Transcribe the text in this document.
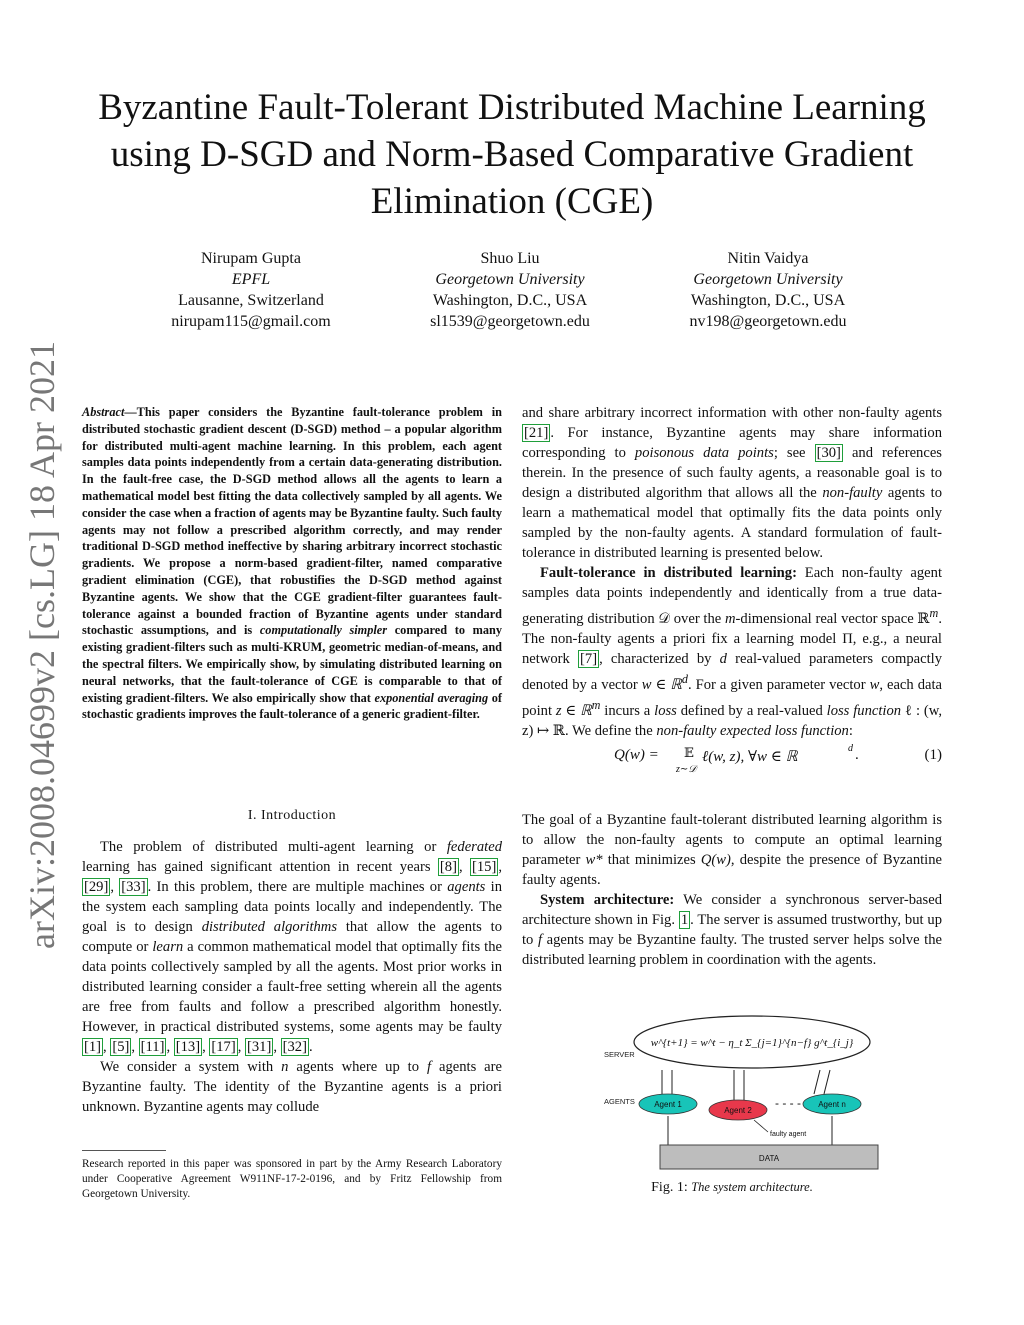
Byzantine Fault-Tolerant Distributed Machine Learning using D-SGD and Norm-Based Comparative Gradient Elimination (CGE)
arXiv:2008.04699v2 [cs.LG] 18 Apr 2021
Nirupam Gupta
EPFL
Lausanne, Switzerland
nirupam115@gmail.com
Shuo Liu
Georgetown University
Washington, D.C., USA
sl1539@georgetown.edu
Nitin Vaidya
Georgetown University
Washington, D.C., USA
nv198@georgetown.edu
Abstract—This paper considers the Byzantine fault-tolerance problem in distributed stochastic gradient descent (D-SGD) method – a popular algorithm for distributed multi-agent machine learning. In this problem, each agent samples data points independently from a certain data-generating distribution. In the fault-free case, the D-SGD method allows all the agents to learn a mathematical model best fitting the data collectively sampled by all agents. We consider the case when a fraction of agents may be Byzantine faulty. Such faulty agents may not follow a prescribed algorithm correctly, and may render traditional D-SGD method ineffective by sharing arbitrary incorrect stochastic gradients. We propose a norm-based gradient-filter, named comparative gradient elimination (CGE), that robustifies the D-SGD method against Byzantine agents. We show that the CGE gradient-filter guarantees fault-tolerance against a bounded fraction of Byzantine agents under standard stochastic assumptions, and is computationally simpler compared to many existing gradient-filters such as multi-KRUM, geometric median-of-means, and the spectral filters. We empirically show, by simulating distributed learning on neural networks, that the fault-tolerance of CGE is comparable to that of existing gradient-filters. We also empirically show that exponential averaging of stochastic gradients improves the fault-tolerance of a generic gradient-filter.
I. Introduction

The problem of distributed multi-agent learning or federated learning has gained significant attention in recent years [8] , [15] , [29] , [33] . In this problem, there are multiple machines or agents in the system each sampling data points locally and independently. The goal is to design distributed algorithms that allow the agents to compute or learn a common mathematical model that optimally fits the data points collectively sampled by all the agents. Most prior works in distributed learning consider a fault-free setting wherein all the agents are free from faults and follow a prescribed algorithm honestly. However, in practical distributed systems, some agents may be faulty [1] , [5] , [11] , [13] , [17] , [31] , [32] .

We consider a system with n agents where up to f agents are Byzantine faulty. The identity of the Byzantine agents is a priori unknown. Byzantine agents may collude

Research reported in this paper was sponsored in part by the Army Research Laboratory under Cooperative Agreement W911NF-17-2-0196, and by Fritz Fellowship from Georgetown University.

and share arbitrary incorrect information with other non-faulty agents [21] . For instance, Byzantine agents may share information corresponding to poisonous data points; see [30] and references therein. In the presence of such faulty agents, a reasonable goal is to design a distributed algorithm that allows all the non-faulty agents to learn a mathematical model that optimally fits the data points only sampled by the non-faulty agents. A standard formulation of fault-tolerance in distributed learning is presented below.

Fault-tolerance in distributed learning: Each non-faulty agent samples data points independently and identically from a true data-generating distribution 𝒟 over the m-dimensional real vector space ℝ$^m$. The non-faulty agents a priori fix a learning model Π, e.g., a neural network [7] , characterized by d real-valued parameters compactly denoted by a vector w ∈ ℝ$^d$. For a given parameter vector w, each data point z ∈ ℝ$^m$ incurs a loss defined by a real-valued loss function ℓ : (w, z) ↦ ℝ. We define the non-faulty expected loss function:

Q(w) = 𝔼
z∼𝒟
ℓ(w, z), ∀w ∈ ℝ
d .	(1)

The goal of a Byzantine fault-tolerant distributed learning algorithm is to allow the non-faulty agents to compute an optimal learning parameter w* that minimizes Q(w), despite the presence of Byzantine faulty agents.

System architecture: We consider a synchronous server-based architecture shown in Fig. 1 . The server is assumed trustworthy, but up to f agents may be Byzantine faulty. The trusted server helps solve the distributed learning problem in coordination with the agents.

SERVER
w^{t+1} = w^t − η_t Σ_{j=1}^{n−f} g^t_{i_j}
AGENTS Agent 1
Agent 2
- - - - Agent n
faulty agent
DATA
Fig. 1: The system architecture.
